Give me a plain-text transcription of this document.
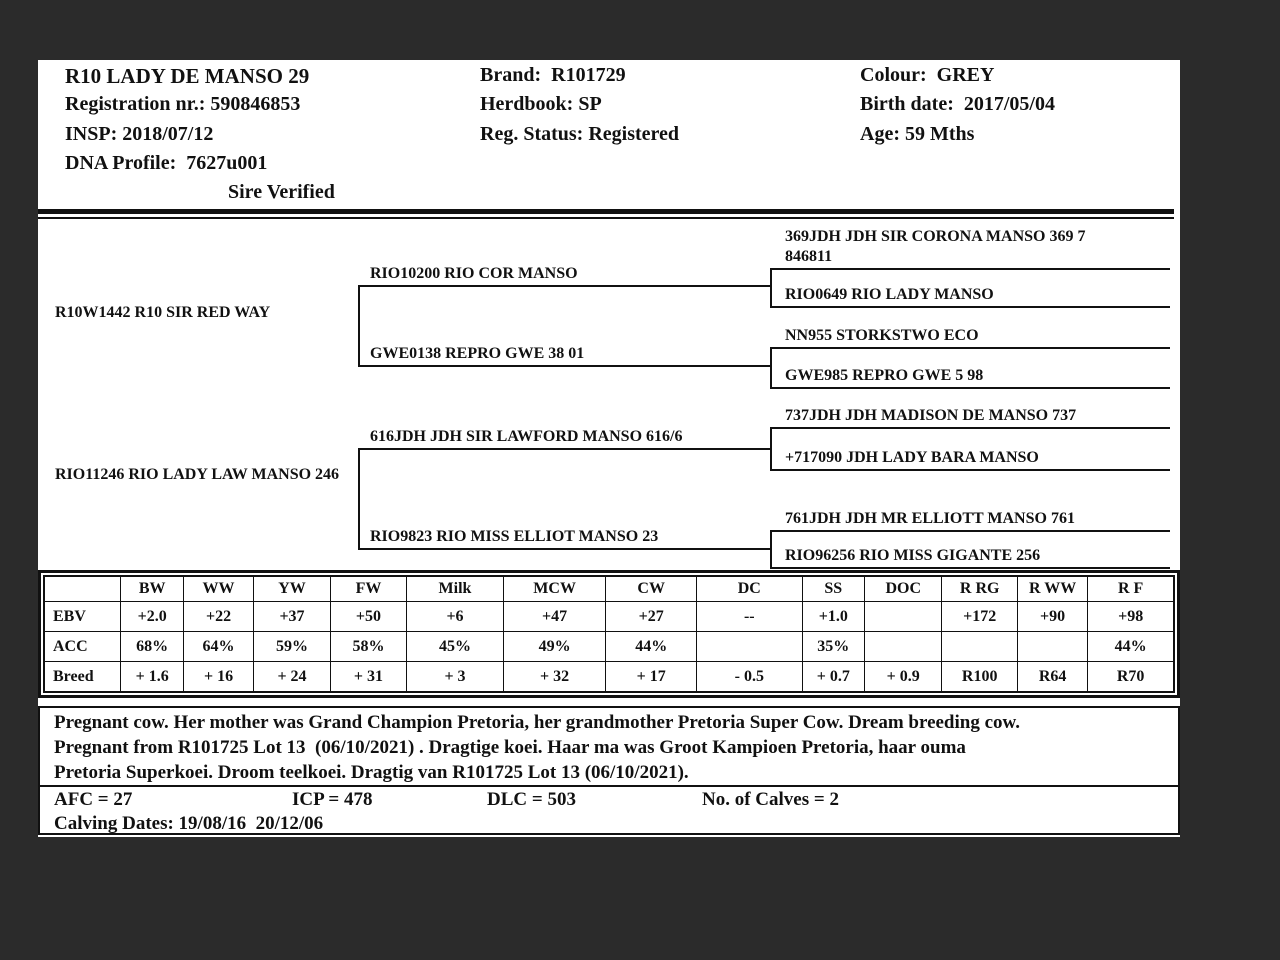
R10 LADY DE MANSO 29
Registration nr.: 590846853
INSP: 2018/07/12
DNA Profile:  7627u001
Sire Verified
Brand:  R101729
Herdbook: SP
Reg. Status: Registered
Colour:  GREY
Birth date:  2017/05/04
Age: 59 Mths
R10W1442 R10 SIR RED WAY
RIO11246 RIO LADY LAW MANSO 246
RIO10200 RIO COR MANSO
GWE0138 REPRO GWE 38 01
616JDH JDH SIR LAWFORD MANSO 616/6
RIO9823 RIO MISS ELLIOT MANSO 23
369JDH JDH SIR CORONA MANSO 369 7 846811
RIO0649 RIO LADY MANSO
NN955 STORKSTWO ECO
GWE985 REPRO GWE 5 98
737JDH JDH MADISON DE MANSO 737
+717090 JDH LADY BARA MANSO
761JDH JDH MR ELLIOTT MANSO 761
RIO96256 RIO MISS GIGANTE 256
	BW	WW	YW	FW	Milk	MCW	CW	DC	SS	DOC	R RG	R WW	R F
EBV	+2.0	+22	+37	+50	+6	+47	+27	--	+1.0		+172	+90	+98
ACC	68%	64%	59%	58%	45%	49%	44%		35%				44%
Breed	+ 1.6	+ 16	+ 24	+ 31	+ 3	+ 32	+ 17	- 0.5	+ 0.7	+ 0.9	R100	R64	R70
Pregnant cow. Her mother was Grand Champion Pretoria, her grandmother Pretoria Super Cow. Dream breeding cow.
Pregnant from R101725 Lot 13  (06/10/2021) . Dragtige koei. Haar ma was Groot Kampioen Pretoria, haar ouma
Pretoria Superkoei. Droom teelkoei. Dragtig van R101725 Lot 13 (06/10/2021).
AFC = 27	ICP = 478	DLC = 503	No. of Calves = 2
Calving Dates: 19/08/16  20/12/06
